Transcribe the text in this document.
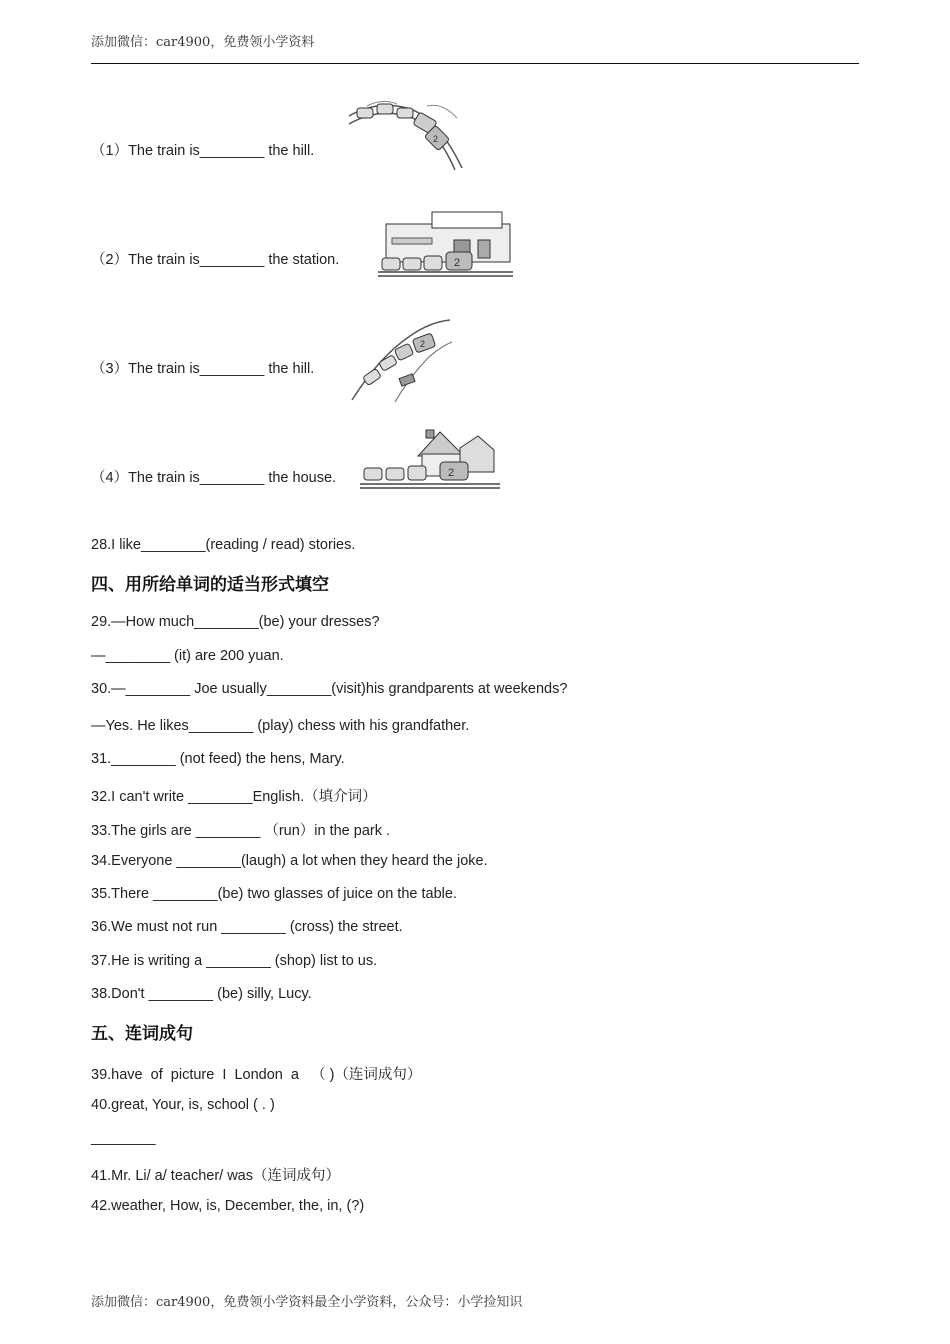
添加微信：car4900，免费领小学资料
（1）The train is________ the hill.
（2）The train is________ the station.
（3）The train is________ the hill.
（4）The train is________ the house.
2
2
2
2
28.I like________(reading / read) stories.
四、用所给单词的适当形式填空
29.—How much________(be) your dresses?
—________ (it) are 200 yuan.
30.—________ Joe usually________(visit)his grandparents at weekends?
—Yes. He likes________ (play) chess with his grandfather.
31.________ (not feed) the hens, Mary.
32.I can't write ________English.（填介词）
33.The girls are ________ （run）in the park .
34.Everyone ________(laugh) a lot when they heard the joke.
35.There ________(be) two glasses of juice on the table.
36.We must not run ________ (cross) the street.
37.He is writing a ________ (shop) list to us.
38.Don't ________ (be) silly, Lucy.
五、连词成句
39.have  of  picture  I  London  a   （ )（连词成句）
40.great, Your, is, school ( . )
________
41.Mr. Li/ a/ teacher/ was（连词成句）
42.weather, How, is, December, the, in, (?)
添加微信：car4900，免费领小学资料最全小学资料，公众号：小学捡知识
